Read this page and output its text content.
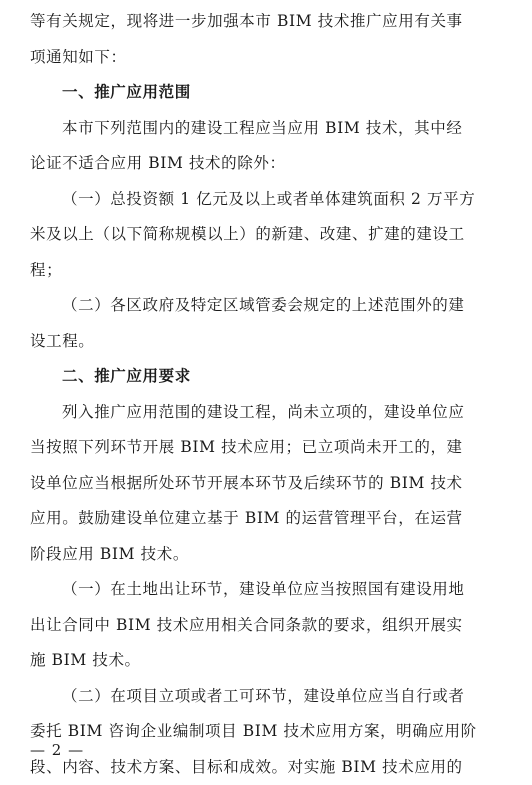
等有关规定，现将进一步加强本市 BIM 技术推广应用有关事
项通知如下：
一、推广应用范围
本市下列范围内的建设工程应当应用 BIM 技术，其中经
论证不适合应用 BIM 技术的除外：
（一）总投资额 1 亿元及以上或者单体建筑面积 2 万平方
米及以上（以下简称规模以上）的新建、改建、扩建的建设工
程；
（二）各区政府及特定区域管委会规定的上述范围外的建
设工程。
二、推广应用要求
列入推广应用范围的建设工程，尚未立项的，建设单位应
当按照下列环节开展 BIM 技术应用；已立项尚未开工的，建
设单位应当根据所处环节开展本环节及后续环节的 BIM 技术
应用。鼓励建设单位建立基于 BIM 的运营管理平台，在运营
阶段应用 BIM 技术。
（一）在土地出让环节，建设单位应当按照国有建设用地
出让合同中 BIM 技术应用相关合同条款的要求，组织开展实
施 BIM 技术。
（二）在项目立项或者工可环节，建设单位应当自行或者
委托 BIM 咨询企业编制项目 BIM 技术应用方案，明确应用阶
段、内容、技术方案、目标和成效。对实施 BIM 技术应用的
— 2 —
